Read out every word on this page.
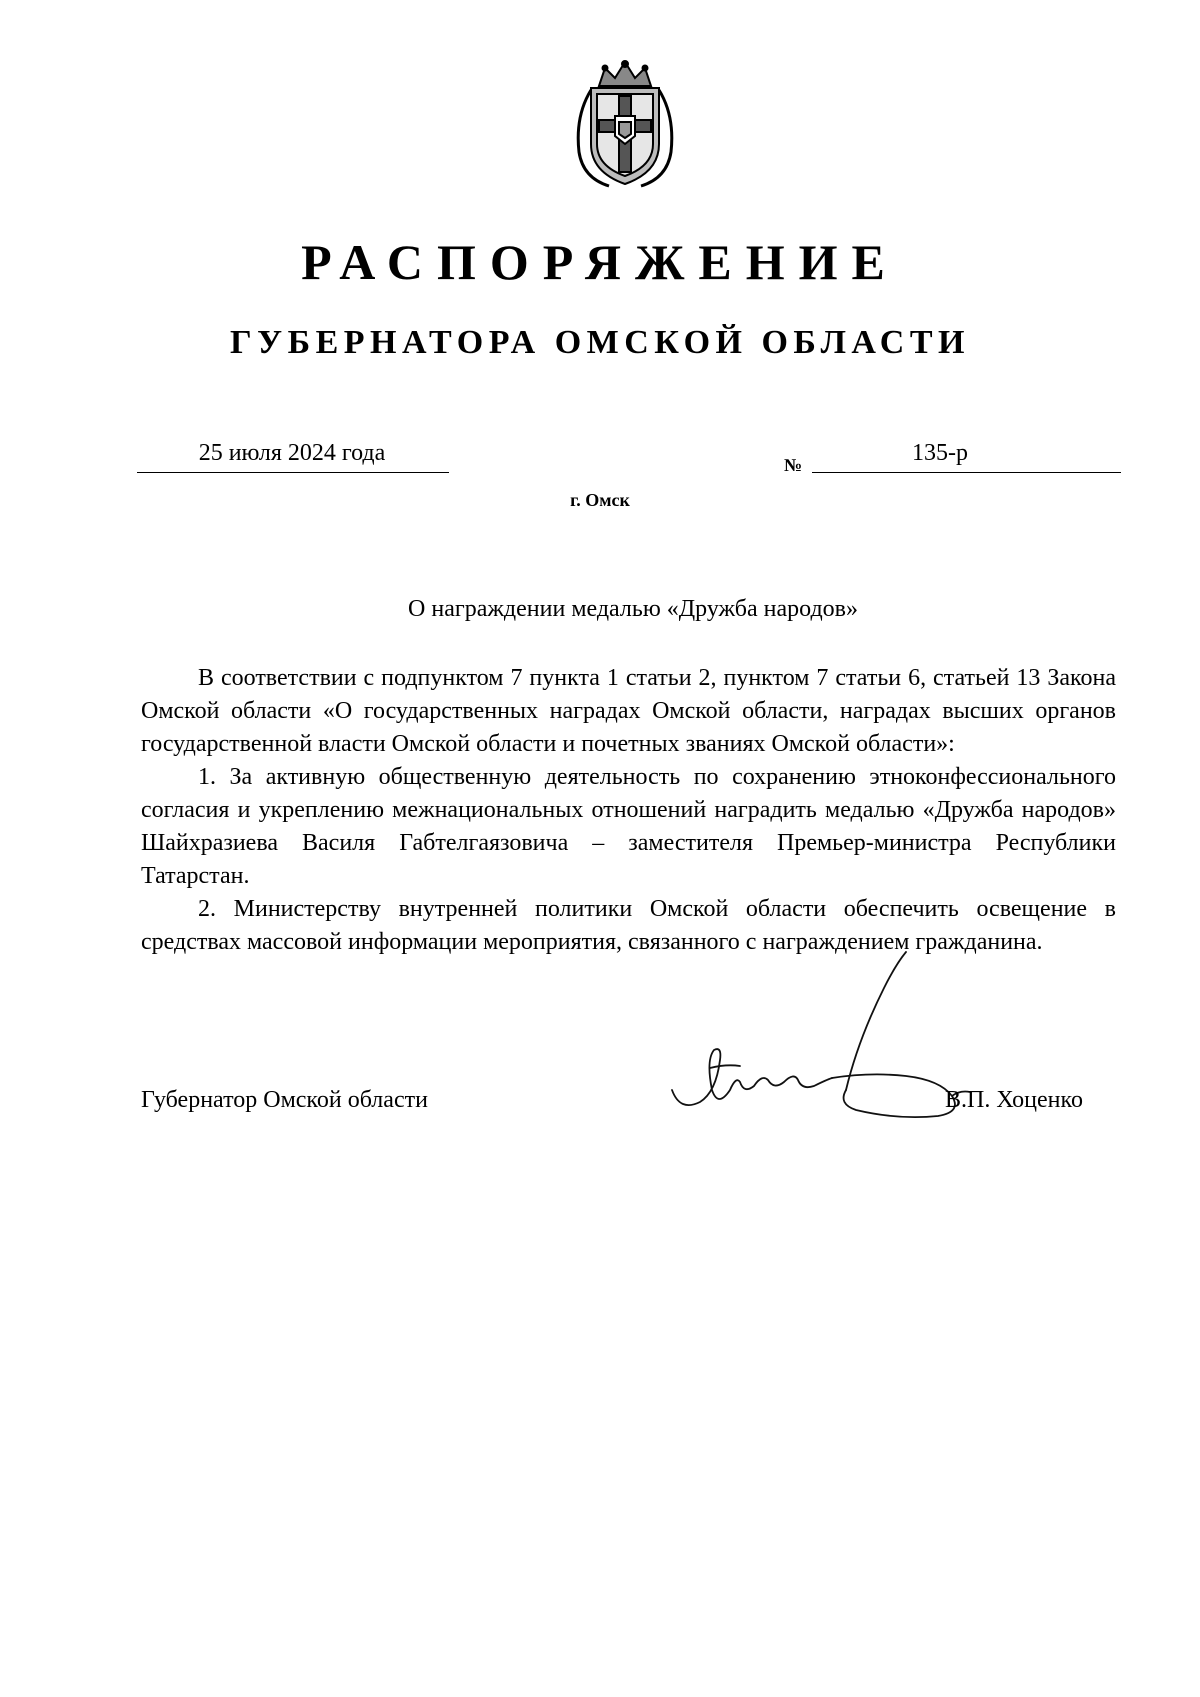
РАСПОРЯЖЕНИЕ
ГУБЕРНАТОРА ОМСКОЙ ОБЛАСТИ
25 июля 2024 года	№	135-р
г. Омск
О награждении медалью «Дружба народов»

В соответствии с подпунктом 7 пункта 1 статьи 2, пунктом 7 статьи 6, статьей 13 Закона Омской области «О государственных наградах Омской области, наградах высших органов государственной власти Омской области и почетных званиях Омской области»:

1. За активную общественную деятельность по сохранению этноконфессионального согласия и укреплению межнациональных отношений наградить медалью «Дружба народов» Шайхразиева Василя Габтелгаязовича – заместителя Премьер-министра Республики Татарстан.

2. Министерству внутренней политики Омской области обеспечить освещение в средствах массовой информации мероприятия, связанного с награждением гражданина.

Губернатор Омской области	В.П. Хоценко
